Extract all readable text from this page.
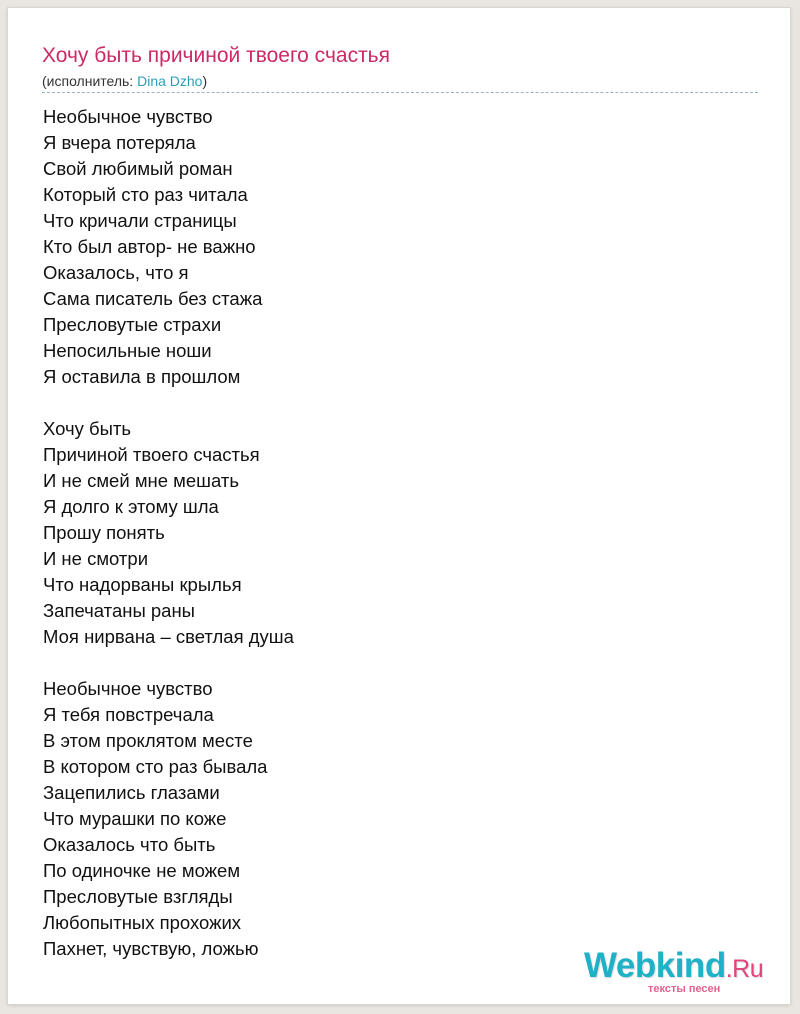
Хочу быть причиной твоего счастья
(исполнитель: Dina Dzho)
Необычное чувство
Я вчера потеряла
Свой любимый роман
Который сто раз читала
Что кричали страницы
Кто был автор- не важно
Оказалось, что я
Сама писатель без стажа
Пресловутые страхи
Непосильные ноши
Я оставила в прошлом
Хочу быть
Причиной твоего счастья
И не смей мне мешать
Я долго к этому шла
Прошу понять
И не смотри
Что надорваны крылья
Запечатаны раны
Моя нирвана – светлая душа
Необычное чувство
Я тебя повстречала
В этом проклятом месте
В котором сто раз бывала
Зацепились глазами
Что мурашки по коже
Оказалось что быть
По одиночке не можем
Пресловутые взгляды
Любопытных прохожих
Пахнет, чувствую, ложью	Webkind.Ru
тексты песен
